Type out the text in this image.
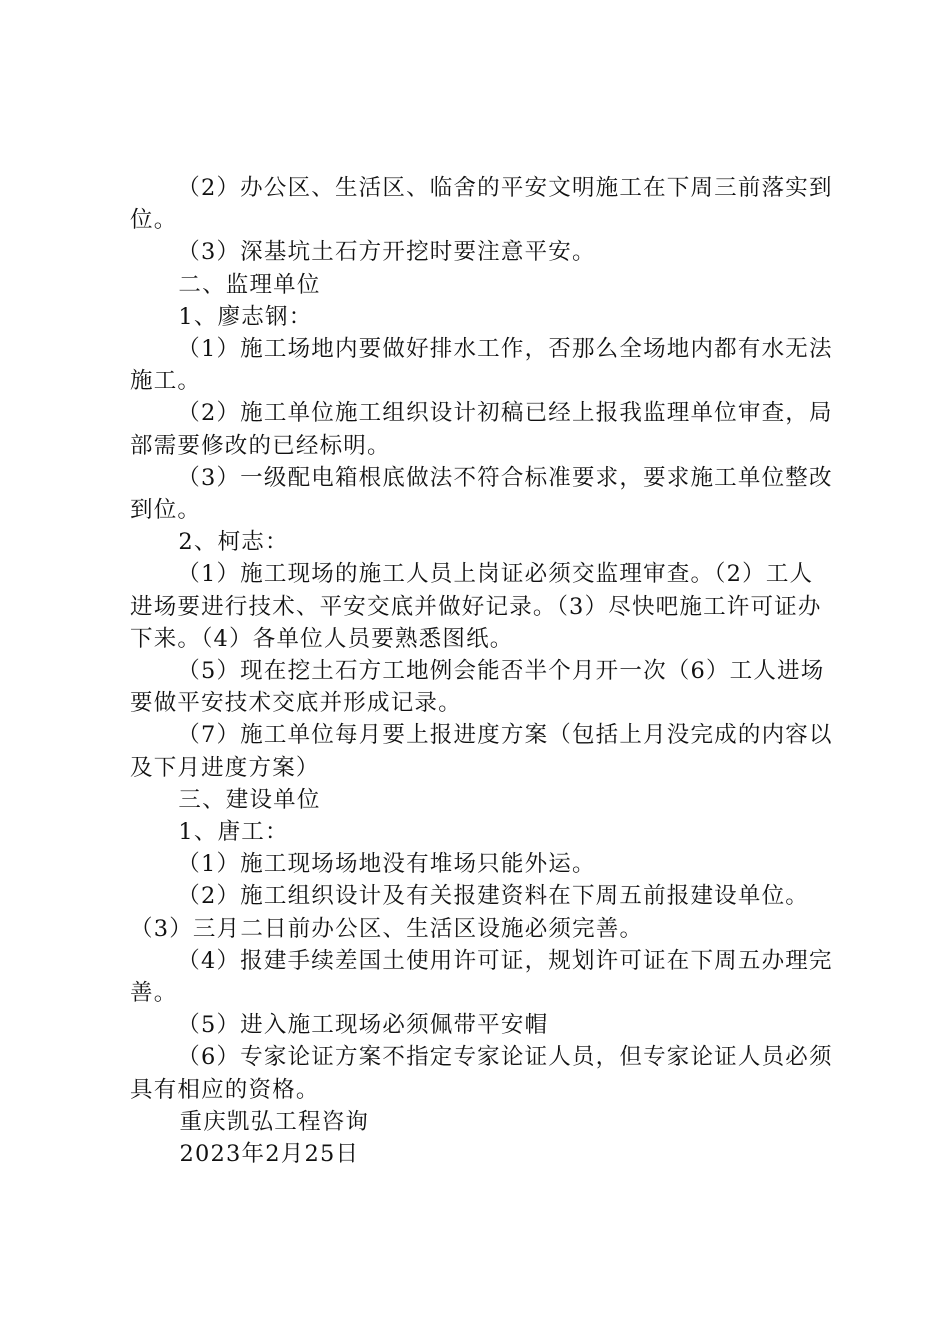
（2）办公区、生活区、临舍的平安文明施工在下周三前落实到位。

（3）深基坑土石方开挖时要注意平安。

二、监理单位

1、廖志钢：

（1）施工场地内要做好排水工作，否那么全场地内都有水无法施工。

（2）施工单位施工组织设计初稿已经上报我监理单位审查，局部需要修改的已经标明。

（3）一级配电箱根底做法不符合标准要求，要求施工单位整改到位。

2、柯志：

（1）施工现场的施工人员上岗证必须交监理审查。（2）工人进场要进行技术、平安交底并做好记录。（3）尽快吧施工许可证办下来。（4）各单位人员要熟悉图纸。

（5）现在挖土石方工地例会能否半个月开一次（6）工人进场要做平安技术交底并形成记录。

（7）施工单位每月要上报进度方案（包括上月没完成的内容以及下月进度方案）

三、建设单位

1、唐工：

（1）施工现场场地没有堆场只能外运。

（2）施工组织设计及有关报建资料在下周五前报建设单位。

（3）三月二日前办公区、生活区设施必须完善。

（4）报建手续差国土使用许可证，规划许可证在下周五办理完善。

（5）进入施工现场必须佩带平安帽

（6）专家论证方案不指定专家论证人员，但专家论证人员必须具有相应的资格。

重庆凯弘工程咨询

2023年2月25日
